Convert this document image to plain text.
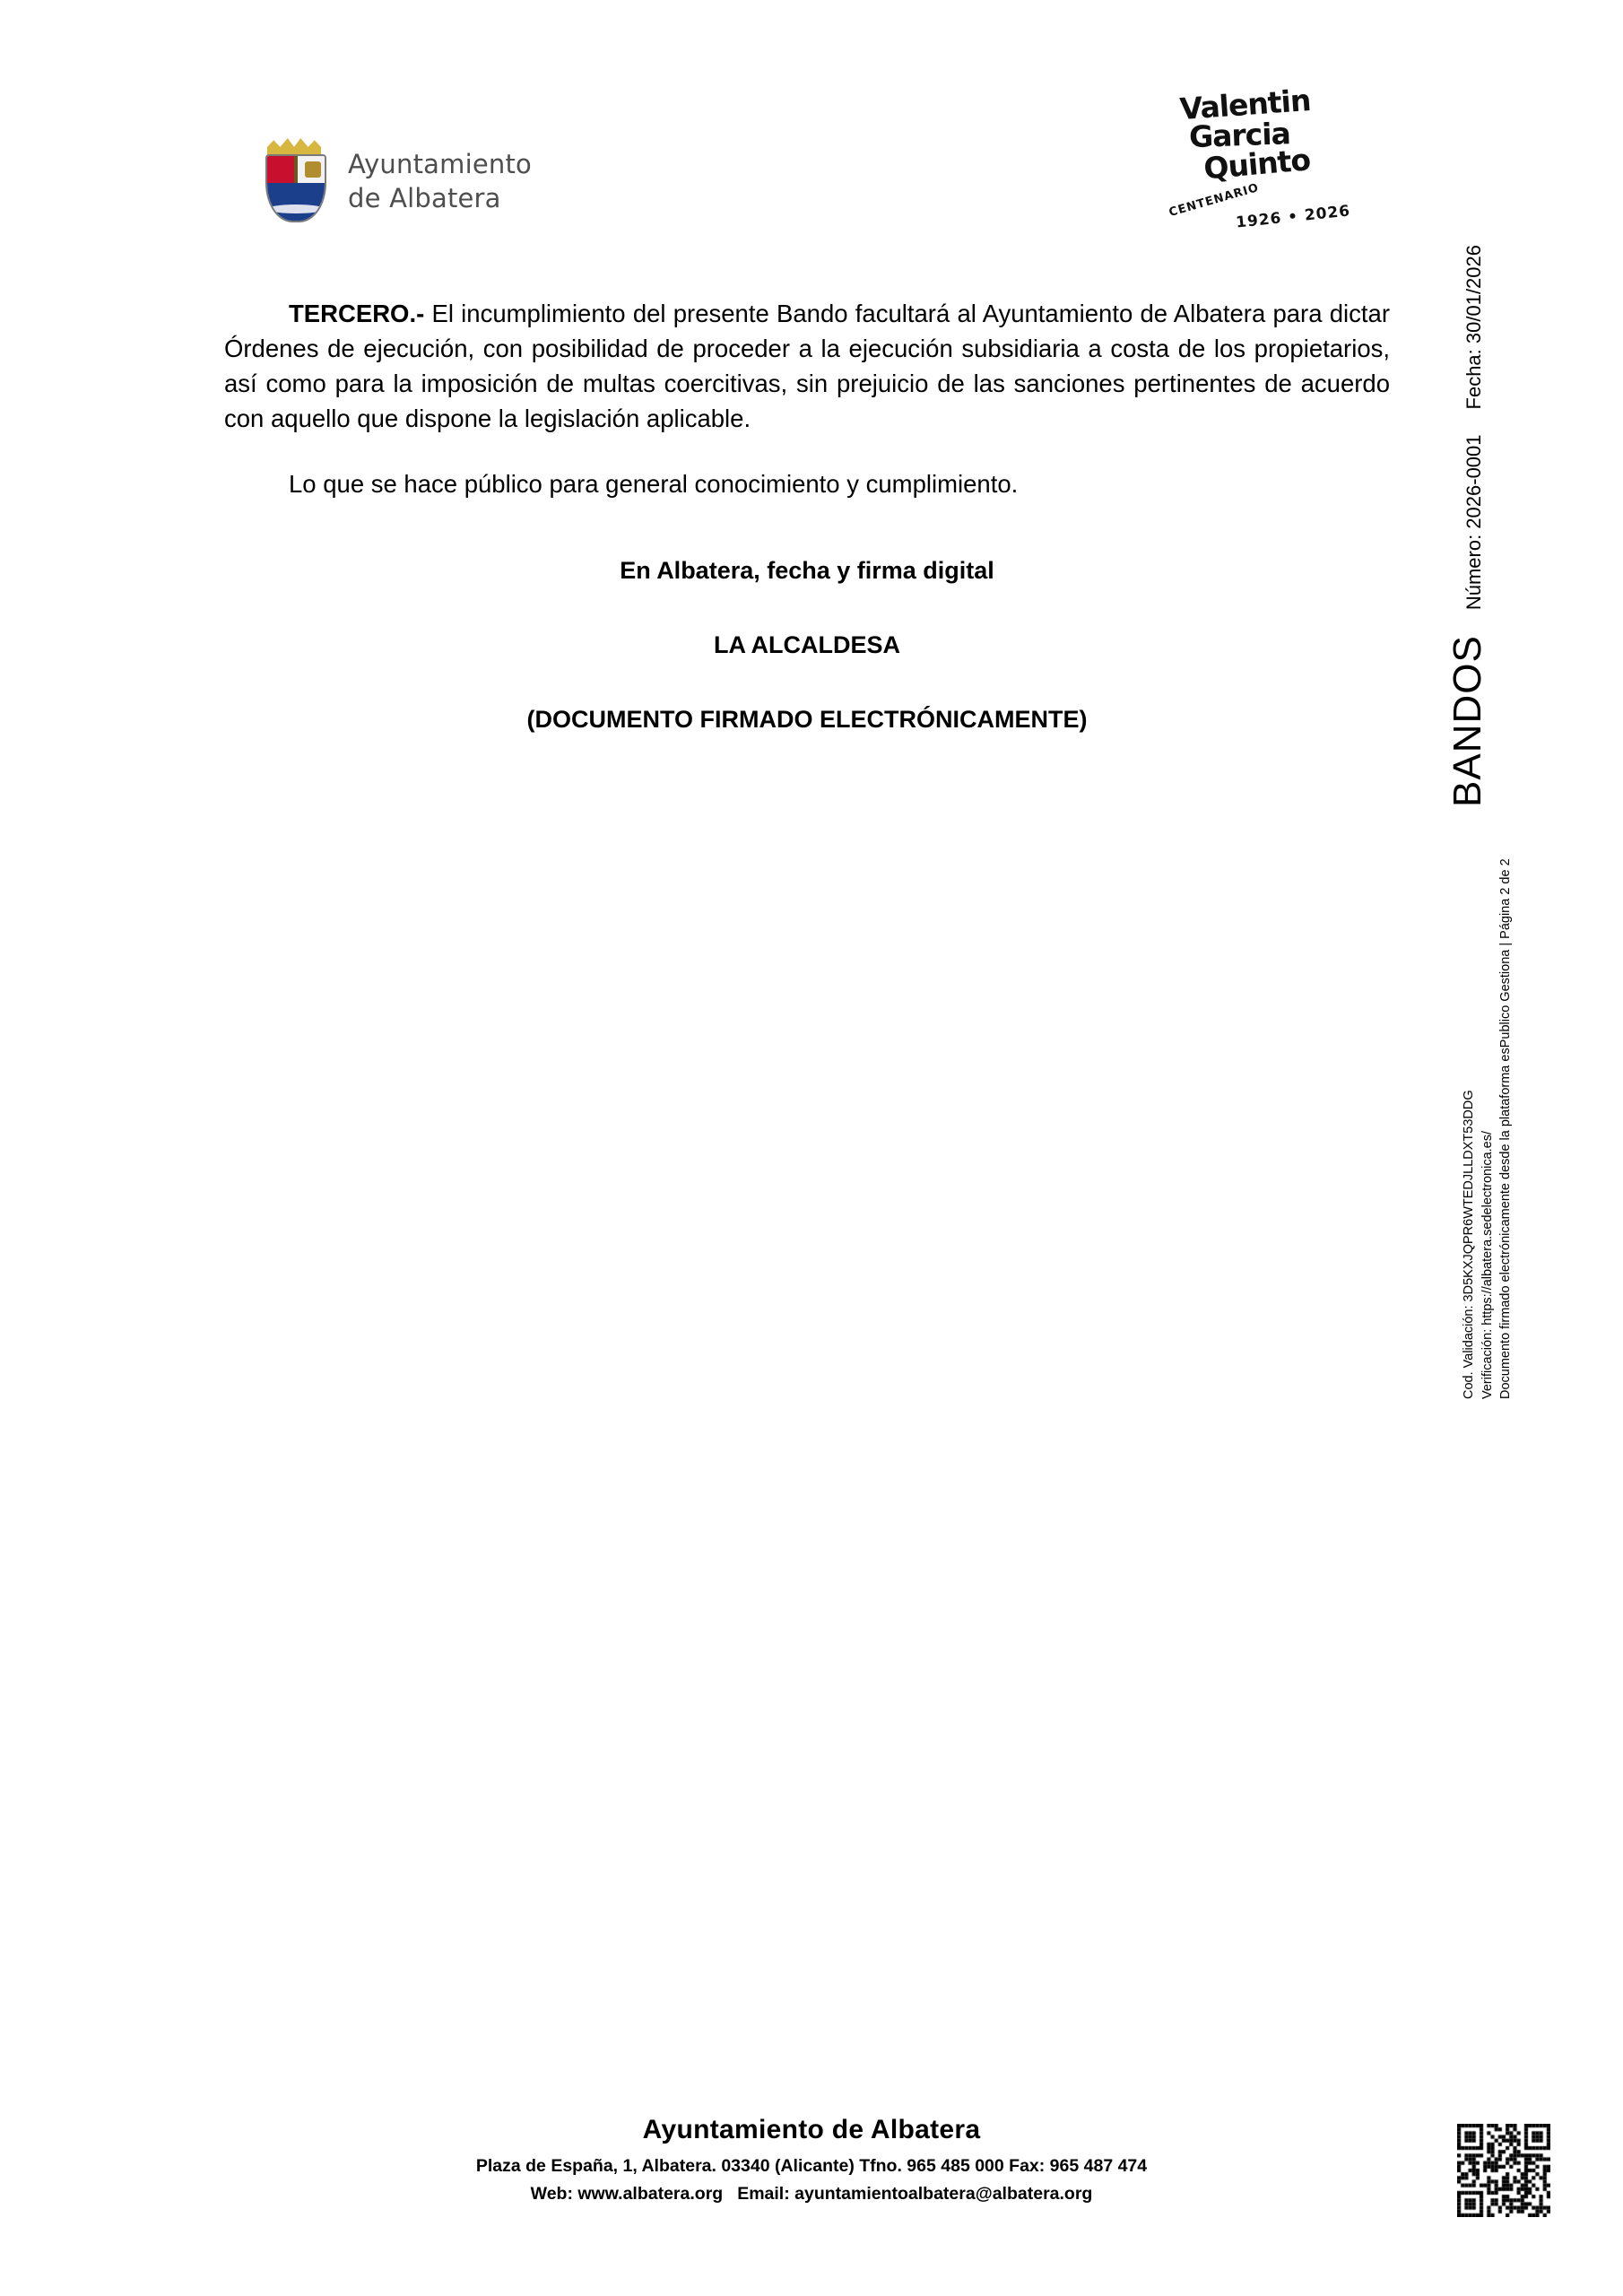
Ayuntamiento
de Albatera
Valentin
Garcia
Quinto
CENTENARIO
1926 • 2026

TERCERO.- El incumplimiento del presente Bando facultará al Ayuntamiento de Albatera para dictar Órdenes de ejecución, con posibilidad de proceder a la ejecución subsidiaria a costa de los propietarios, así como para la imposición de multas coercitivas, sin prejuicio de las sanciones pertinentes de acuerdo con aquello que dispone la legislación aplicable.

Lo que se hace público para general conocimiento y cumplimiento.

En Albatera, fecha y firma digital

LA ALCALDESA

(DOCUMENTO FIRMADO ELECTRÓNICAMENTE)	BANDOS
Número: 2026-0001
Fecha: 30/01/2026
Cod. Validación: 3D5KXJQPR6WTEDJLLDXT53DDG Verificación: https://albatera.sedelectronica.es/ Documento firmado electrónicamente desde la plataforma esPublico Gestiona | Página 2 de 2
Ayuntamiento de Albatera
Plaza de España, 1, Albatera. 03340 (Alicante) Tfno. 965 485 000 Fax: 965 487 474
Web: www.albatera.org Email: ayuntamientoalbatera@albatera.org
